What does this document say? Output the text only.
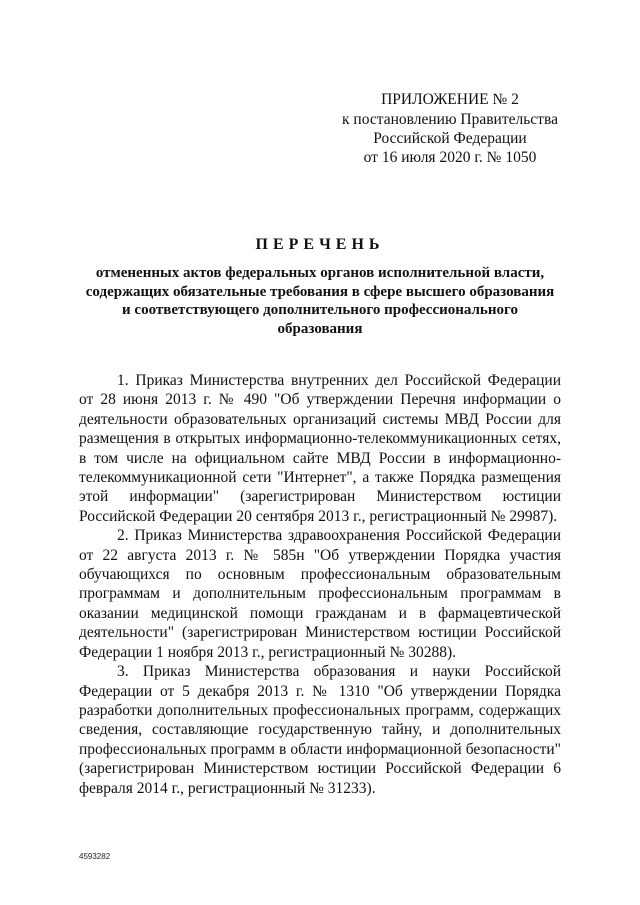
ПРИЛОЖЕНИЕ № 2
к постановлению Правительства
Российской Федерации
от 16 июля 2020 г. № 1050
ПЕРЕЧЕНЬ
отмененных актов федеральных органов исполнительной власти, содержащих обязательные требования в сфере высшего образования и соответствующего дополнительного профессионального образования

1. Приказ Министерства внутренних дел Российской Федерации от 28 июня 2013 г. № 490 "Об утверждении Перечня информации о деятельности образовательных организаций системы МВД России для размещения в открытых информационно-телекоммуникационных сетях, в том числе на официальном сайте МВД России в информационно-телекоммуникационной сети "Интернет", а также Порядка размещения этой информации" (зарегистрирован Министерством юстиции Российской Федерации 20 сентября 2013 г., регистрационный № 29987).

2. Приказ Министерства здравоохранения Российской Федерации от 22 августа 2013 г. № 585н "Об утверждении Порядка участия обучающихся по основным профессиональным образовательным программам и дополнительным профессиональным программам в оказании медицинской помощи гражданам и в фармацевтической деятельности" (зарегистрирован Министерством юстиции Российской Федерации 1 ноября 2013 г., регистрационный № 30288).

3. Приказ Министерства образования и науки Российской Федерации от 5 декабря 2013 г. № 1310 "Об утверждении Порядка разработки дополнительных профессиональных программ, содержащих сведения, составляющие государственную тайну, и дополнительных профессиональных программ в области информационной безопасности" (зарегистрирован Министерством юстиции Российской Федерации 6 февраля 2014 г., регистрационный № 31233).

4593282
